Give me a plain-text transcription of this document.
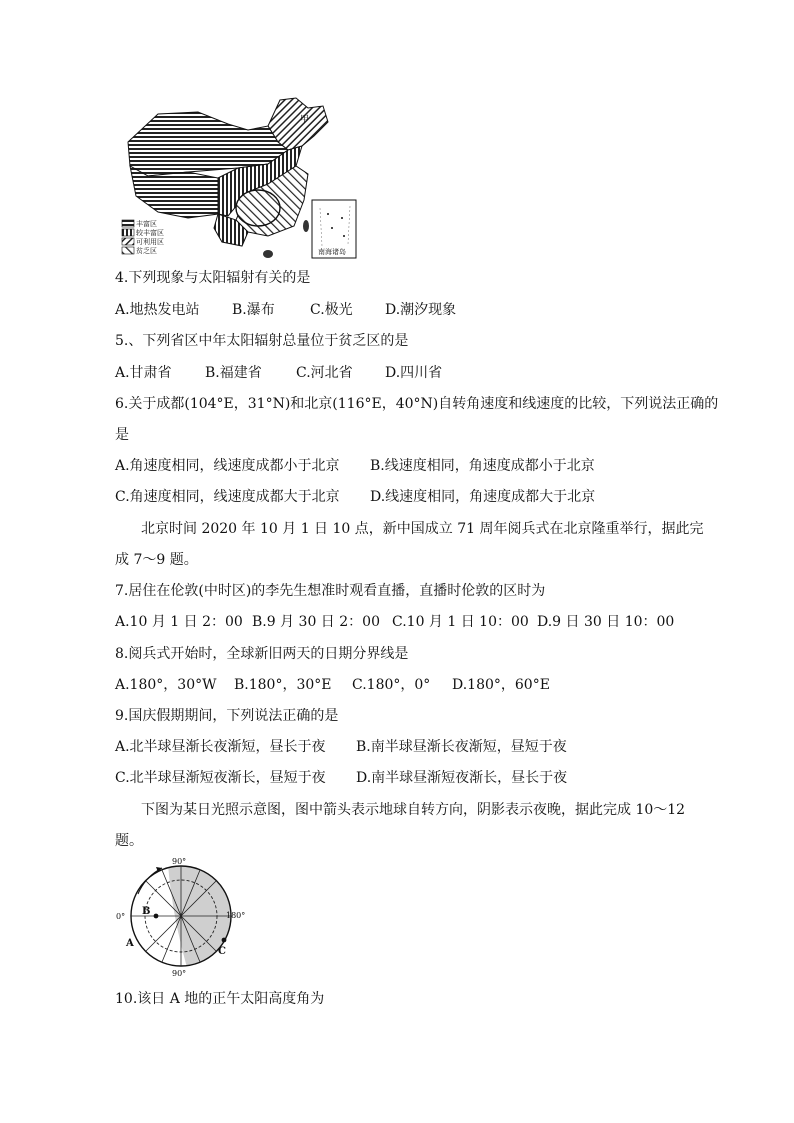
甲
丰富区
较丰富区
可利用区
贫乏区	南海诸岛
4.下列现象与太阳辐射有关的是
A.地热发电站 B.瀑布	C.极光 D.潮汐现象
5.、下列省区中年太阳辐射总量位于贫乏区的是
A.甘肃省 B.福建省 C.河北省 D.四川省
6.关于成都(104°E，31°N)和北京(116°E，40°N)自转角速度和线速度的比较，下列说法正确的
是
A.角速度相同，线速度成都小于北京 B.线速度相同，角速度成都小于北京
C.角速度相同，线速度成都大于北京 D.线速度相同，角速度成都大于北京
北京时间 2020 年 10 月 1 日 10 点，新中国成立 71 周年阅兵式在北京隆重举行，据此完
成 7～9 题。
7.居住在伦敦(中时区)的李先生想准时观看直播，直播时伦敦的区时为
A.10 月 1 日 2：00 B.9 月 30 日 2：00 C.10 月 1 日 10：00 D.9 日 30 日 10：00
8.阅兵式开始时，全球新旧两天的日期分界线是
A.180°，30°W B.180°，30°E C.180°，0° D.180°，60°E
9.国庆假期期间，下列说法正确的是
A.北半球昼渐长夜渐短，昼长于夜 B.南半球昼渐长夜渐短，昼短于夜
C.北半球昼渐短夜渐长，昼短于夜 D.南半球昼渐短夜渐长，昼长于夜
下图为某日光照示意图，图中箭头表示地球自转方向，阴影表示夜晚，据此完成 10～12
题。
90°
90°
0°	180°
A
B
C
10.该日 A 地的正午太阳高度角为
